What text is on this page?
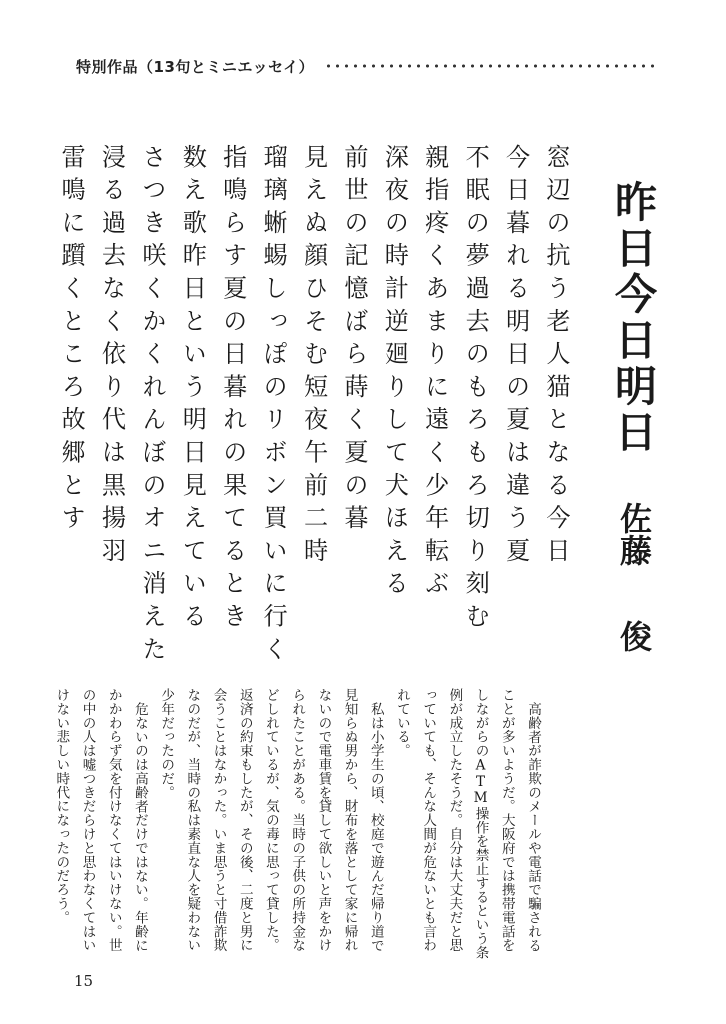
特別作品（13句とミニエッセイ）
昨日今日明日
佐藤
俊
窓辺の抗う老人猫となる今日
今日暮れる明日の夏は違う夏
不眠の夢過去のもろもろ切り刻む
親指疼くあまりに遠く少年転ぶ
深夜の時計逆廻りして犬ほえる
前世の記憶ばら蒔く夏の暮
見えぬ顔ひそむ短夜午前二時
瑠璃蜥蜴しっぽのリボン買いに行く
指鳴らす夏の日暮れの果てるとき
数え歌昨日という明日見えている
さつき咲くかくれんぼのオニ消えた
浸る過去なく依り代は黒揚羽
雷鳴に躓くところ故郷とす

高齢者が詐欺のメールや電話で騙されることが多いようだ。大阪府では携帯電話をしながらのATM操作を禁止するという条例が成立したそうだ。自分は大丈夫だと思っていても、そんな人間が危ないとも言われている。

私は小学生の頃、校庭で遊んだ帰り道で見知らぬ男から、財布を落として家に帰れないので電車賃を貸して欲しいと声をかけられたことがある。当時の子供の所持金などしれているが、気の毒に思って貸した。返済の約束もしたが、その後、二度と男に会うことはなかった。いま思うと寸借詐欺なのだが、当時の私は素直な人を疑わない少年だったのだ。

危ないのは高齢者だけではない。年齢にかかわらず気を付けなくてはいけない。世の中の人は嘘つきだらけと思わなくてはいけない悲しい時代になったのだろう。

15
